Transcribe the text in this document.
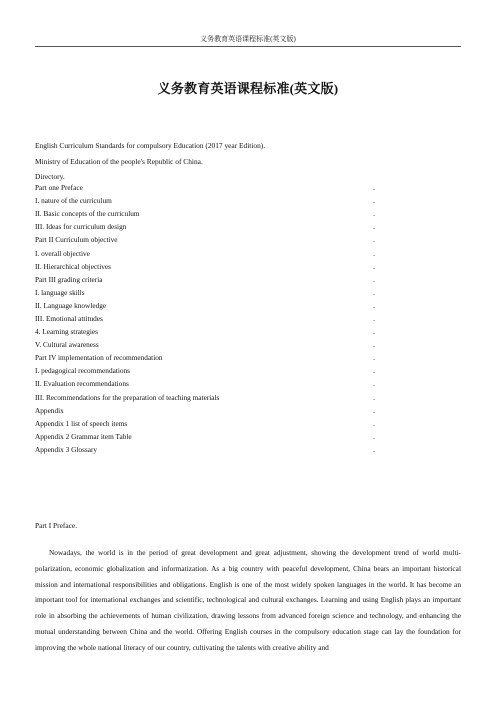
义务教育英语课程标准(英文版)
义务教育英语课程标准(英文版)
English Curriculum Standards for compulsory Education (2017 year Edition).
Ministry of Education of the people's Republic of China.
Directory.
Part one Preface	.
I. nature of the curriculum	.
II. Basic concepts of the curriculum	.
III. Ideas for curriculum design	.
Part II Curriculum objective	.
I. overall objective	.
II. Hierarchical objectives	.
Part III grading criteria	.
I. language skills	.
II. Language knowledge	.
III. Emotional attitudes	.
4. Learning strategies	.
V. Cultural awareness	.
Part IV implementation of recommendation	.
I. pedagogical recommendations	.
II. Evaluation recommendations	.
III. Recommendations for the preparation of teaching materials	.
Appendix	.
Appendix 1 list of speech items	.
Appendix 2 Grammar item Table	.
Appendix 3 Glossary	.
Part I Preface.
Nowadays, the world is in the period of great development and great adjustment, showing the development trend of world multi-polarization, economic globalization and informatization. As a big country with peaceful development, China bears an important historical mission and international responsibilities and obligations. English is one of the most widely spoken languages in the world. It has become an important tool for international exchanges and scientific, technological and cultural exchanges. Learning and using English plays an important role in absorbing the achievements of human civilization, drawing lessons from advanced foreign science and technology, and enhancing the mutual understanding between China and the world. Offering English courses in the compulsory education stage can lay the foundation for improving the whole national literacy of our country, cultivating the talents with creative ability and
